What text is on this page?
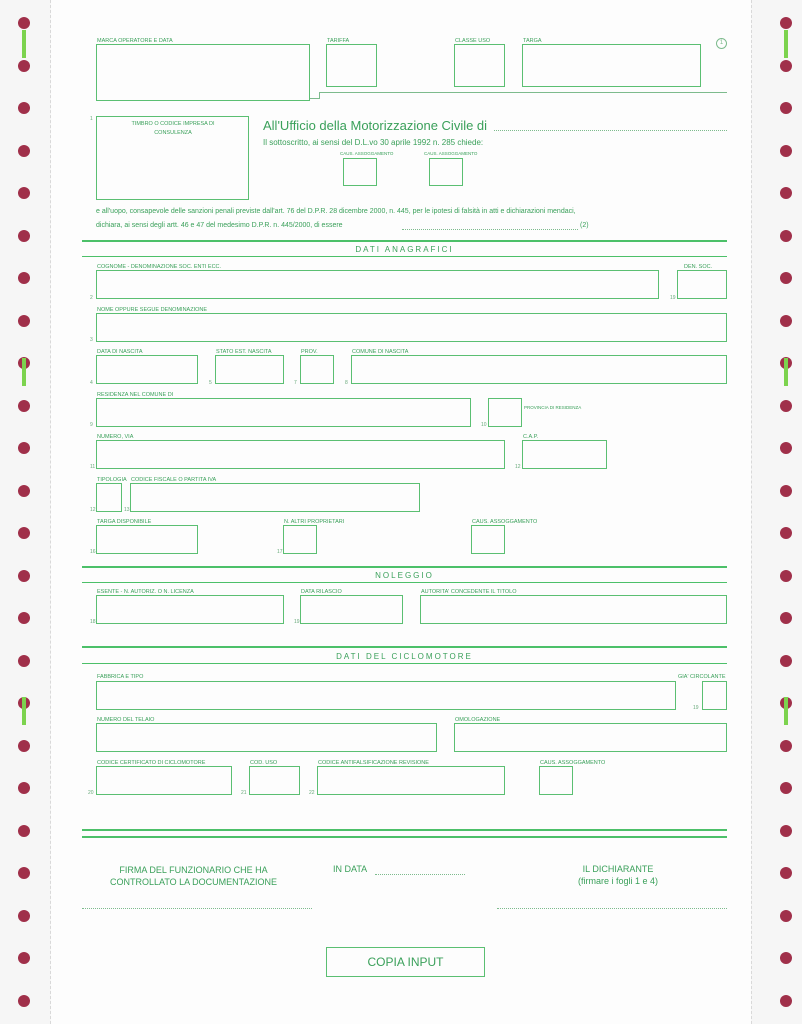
MARCA OPERATORE E DATA	TARIFFA	CLASSE USO	TARGA	1
1
TIMBRO O CODICE IMPRESA DI CONSULENZA	All'Ufficio della Motorizzazione Civile di
Il sottoscritto, ai sensi del D.L.vo 30 aprile 1992 n. 285 chiede:
CAUS. ASSOGGAMENTO	CAUS. ASSOGGAMENTO
e all'uopo, consapevole delle sanzioni penali previste dall'art. 76 del D.P.R. 28 dicembre 2000, n. 445, per le ipotesi di falsità in atti e dichiarazioni mendaci,
dichiara, ai sensi degli artt. 46 e 47 del medesimo D.P.R. n. 445/2000, di essere	(2)
DATI ANAGRAFICI
COGNOME - DENOMINAZIONE SOC. ENTI ECC.
2
DEN. SOC.
19
NOME OPPURE SEGUE DENOMINAZIONE
3
DATA DI NASCITA
4
STATO EST. NASCITA
5
PROV.
7
COMUNE DI NASCITA
8
RESIDENZA NEL COMUNE DI
9	10
PROVINCIA DI RESIDENZA
NUMERO, VIA
11
C.A.P.
12
TIPOLOGIA
12
CODICE FISCALE O PARTITA IVA
13
TARGA DISPONIBILE
16
N. ALTRI PROPRIETARI
17
CAUS. ASSOGGAMENTO
NOLEGGIO
ESENTE - N. AUTORIZ. O N. LICENZA
18
DATA RILASCIO
19
AUTORITA' CONCEDENTE IL TITOLO
DATI DEL CICLOMOTORE
FABBRICA E TIPO	GIA' CIRCOLANTE
19
NUMERO DEL TELAIO	OMOLOGAZIONE
CODICE CERTIFICATO DI CICLOMOTORE
20
COD. USO
21
CODICE ANTIFALSIFICAZIONE REVISIONE
22
CAUS. ASSOGGAMENTO
FIRMA DEL FUNZIONARIO CHE HA CONTROLLATO LA DOCUMENTAZIONE
IN DATA	IL DICHIARANTE
(firmare i fogli 1 e 4)
COPIA INPUT
